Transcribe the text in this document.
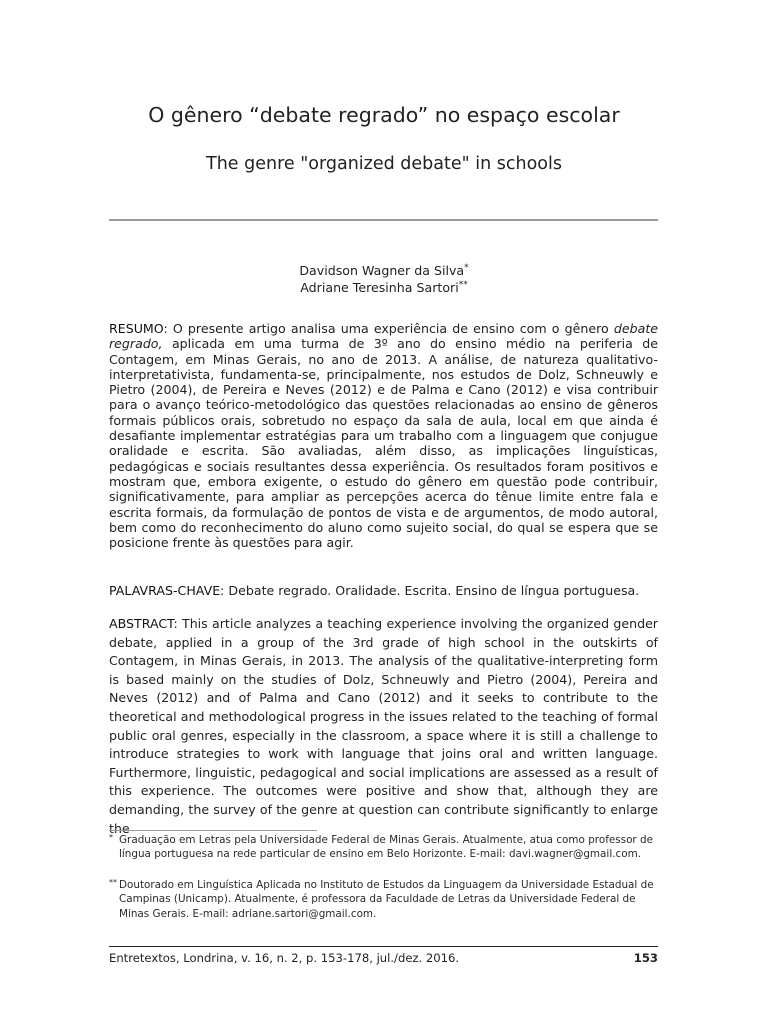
O gênero “debate regrado” no espaço escolar
The genre "organized debate" in schools
Davidson Wagner da Silva*
Adriane Teresinha Sartori**
RESUMO: O presente artigo analisa uma experiência de ensino com o gênero debate regrado, aplicada em uma turma de 3º ano do ensino médio na periferia de Contagem, em Minas Gerais, no ano de 2013. A análise, de natureza qualitativo-interpretativista, fundamenta-se, principalmente, nos estudos de Dolz, Schneuwly e Pietro (2004), de Pereira e Neves (2012) e de Palma e Cano (2012) e visa contribuir para o avanço teórico-metodológico das questões relacionadas ao ensino de gêneros formais públicos orais, sobretudo no espaço da sala de aula, local em que ainda é desafiante implementar estratégias para um trabalho com a linguagem que conjugue oralidade e escrita. São avaliadas, além disso, as implicações linguísticas, pedagógicas e sociais resultantes dessa experiência. Os resultados foram positivos e mostram que, embora exigente, o estudo do gênero em questão pode contribuir, significativamente, para ampliar as percepções acerca do tênue limite entre fala e escrita formais, da formulação de pontos de vista e de argumentos, de modo autoral, bem como do reconhecimento do aluno como sujeito social, do qual se espera que se posicione frente às questões para agir.
PALAVRAS-CHAVE: Debate regrado. Oralidade. Escrita. Ensino de língua portuguesa.
ABSTRACT: This article analyzes a teaching experience involving the organized gender debate, applied in a group of the 3rd grade of high school in the outskirts of Contagem, in Minas Gerais, in 2013. The analysis of the qualitative-interpreting form is based mainly on the studies of Dolz, Schneuwly and Pietro (2004), Pereira and Neves (2012) and of Palma and Cano (2012) and it seeks to contribute to the theoretical and methodological progress in the issues related to the teaching of formal public oral genres, especially in the classroom, a space where it is still a challenge to introduce strategies to work with language that joins oral and written language. Furthermore, linguistic, pedagogical and social implications are assessed as a result of this experience. The outcomes were positive and show that, although they are demanding, the survey of the genre at question can contribute significantly to enlarge the
* Graduação em Letras pela Universidade Federal de Minas Gerais. Atualmente, atua como professor de língua portuguesa na rede particular de ensino em Belo Horizonte. E-mail: davi.wagner@gmail.com.
** Doutorado em Linguística Aplicada no Instituto de Estudos da Linguagem da Universidade Estadual de Campinas (Unicamp). Atualmente, é professora da Faculdade de Letras da Universidade Federal de Minas Gerais. E-mail: adriane.sartori@gmail.com.
Entretextos, Londrina, v. 16, n. 2, p. 153-178, jul./dez. 2016.	153
